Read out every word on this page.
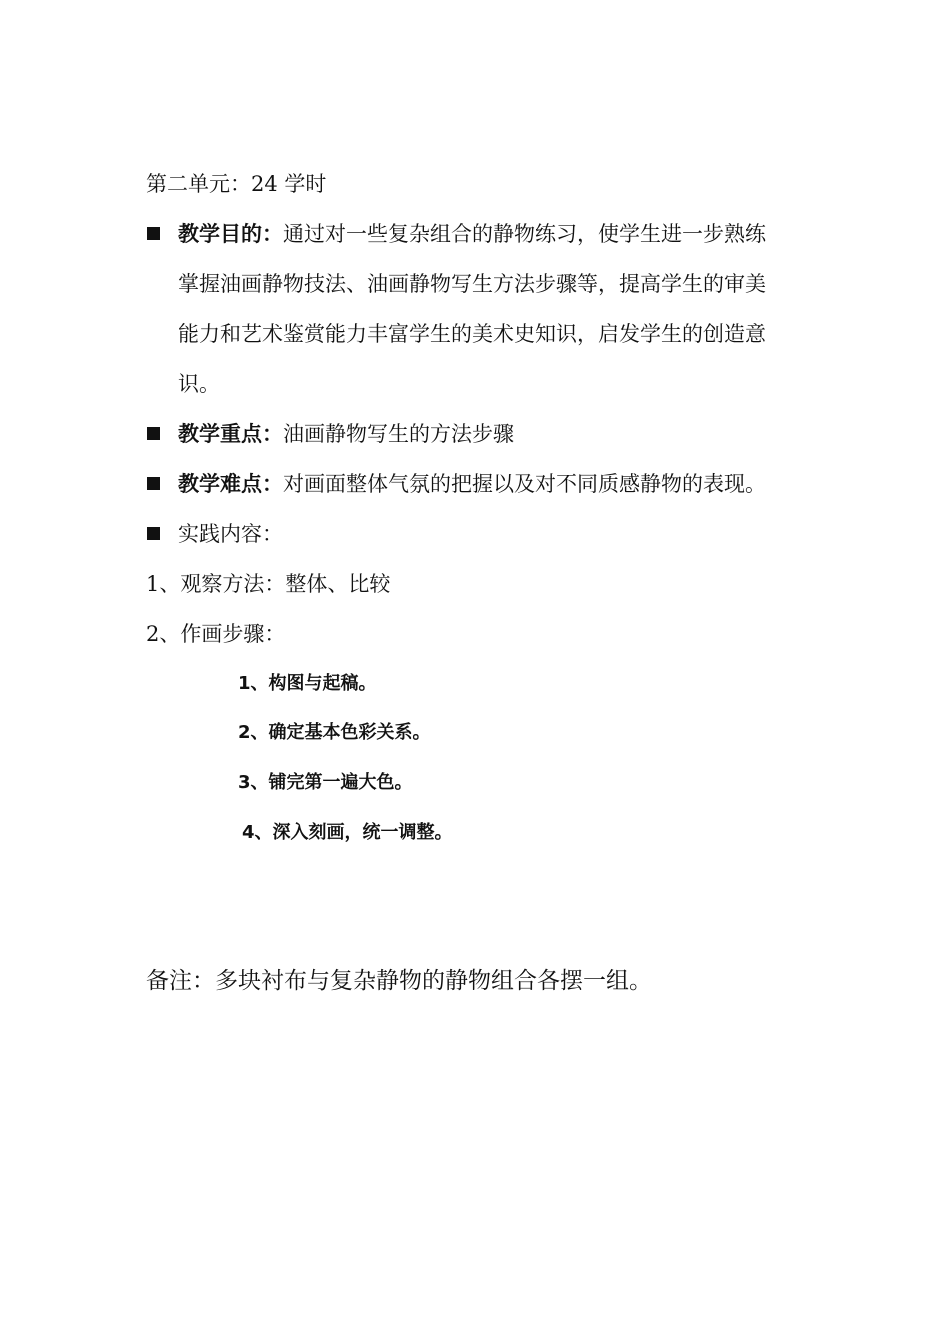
第二单元：24 学时
教学目的：通过对一些复杂组合的静物练习，使学生进一步熟练
掌握油画静物技法、油画静物写生方法步骤等，提高学生的审美
能力和艺术鉴赏能力丰富学生的美术史知识，启发学生的创造意
识。
教学重点：油画静物写生的方法步骤
教学难点：对画面整体气氛的把握以及对不同质感静物的表现。
实践内容：
1、观察方法：整体、比较
2、作画步骤：
1、构图与起稿。
2、确定基本色彩关系。
3、铺完第一遍大色。
4、深入刻画，统一调整。
备注：多块衬布与复杂静物的静物组合各摆一组。
